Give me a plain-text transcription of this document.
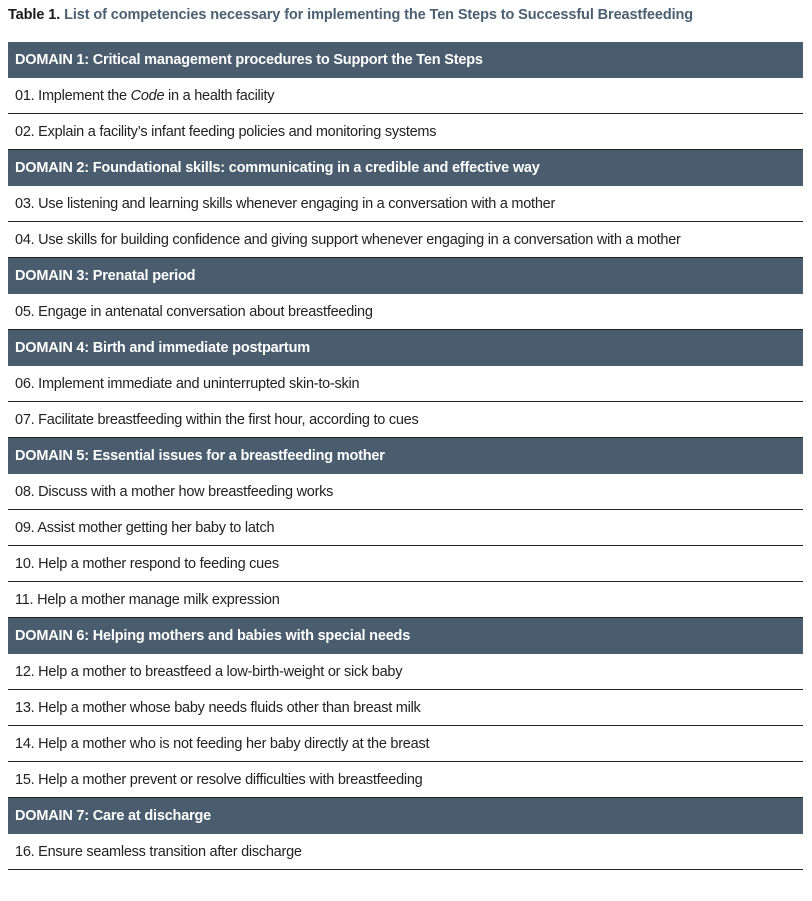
Table 1. List of competencies necessary for implementing the Ten Steps to Successful Breastfeeding
DOMAIN 1: Critical management procedures to Support the Ten Steps
01. Implement the Code in a health facility
02. Explain a facility’s infant feeding policies and monitoring systems
DOMAIN 2: Foundational skills: communicating in a credible and effective way
03. Use listening and learning skills whenever engaging in a conversation with a mother
04. Use skills for building confidence and giving support whenever engaging in a conversation with a mother
DOMAIN 3: Prenatal period
05. Engage in antenatal conversation about breastfeeding
DOMAIN 4: Birth and immediate postpartum
06. Implement immediate and uninterrupted skin-to-skin
07. Facilitate breastfeeding within the first hour, according to cues
DOMAIN 5: Essential issues for a breastfeeding mother
08. Discuss with a mother how breastfeeding works
09. Assist mother getting her baby to latch
10. Help a mother respond to feeding cues
11. Help a mother manage milk expression
DOMAIN 6: Helping mothers and babies with special needs
12. Help a mother to breastfeed a low-birth-weight or sick baby
13. Help a mother whose baby needs fluids other than breast milk
14. Help a mother who is not feeding her baby directly at the breast
15. Help a mother prevent or resolve difficulties with breastfeeding
DOMAIN 7: Care at discharge
16. Ensure seamless transition after discharge
